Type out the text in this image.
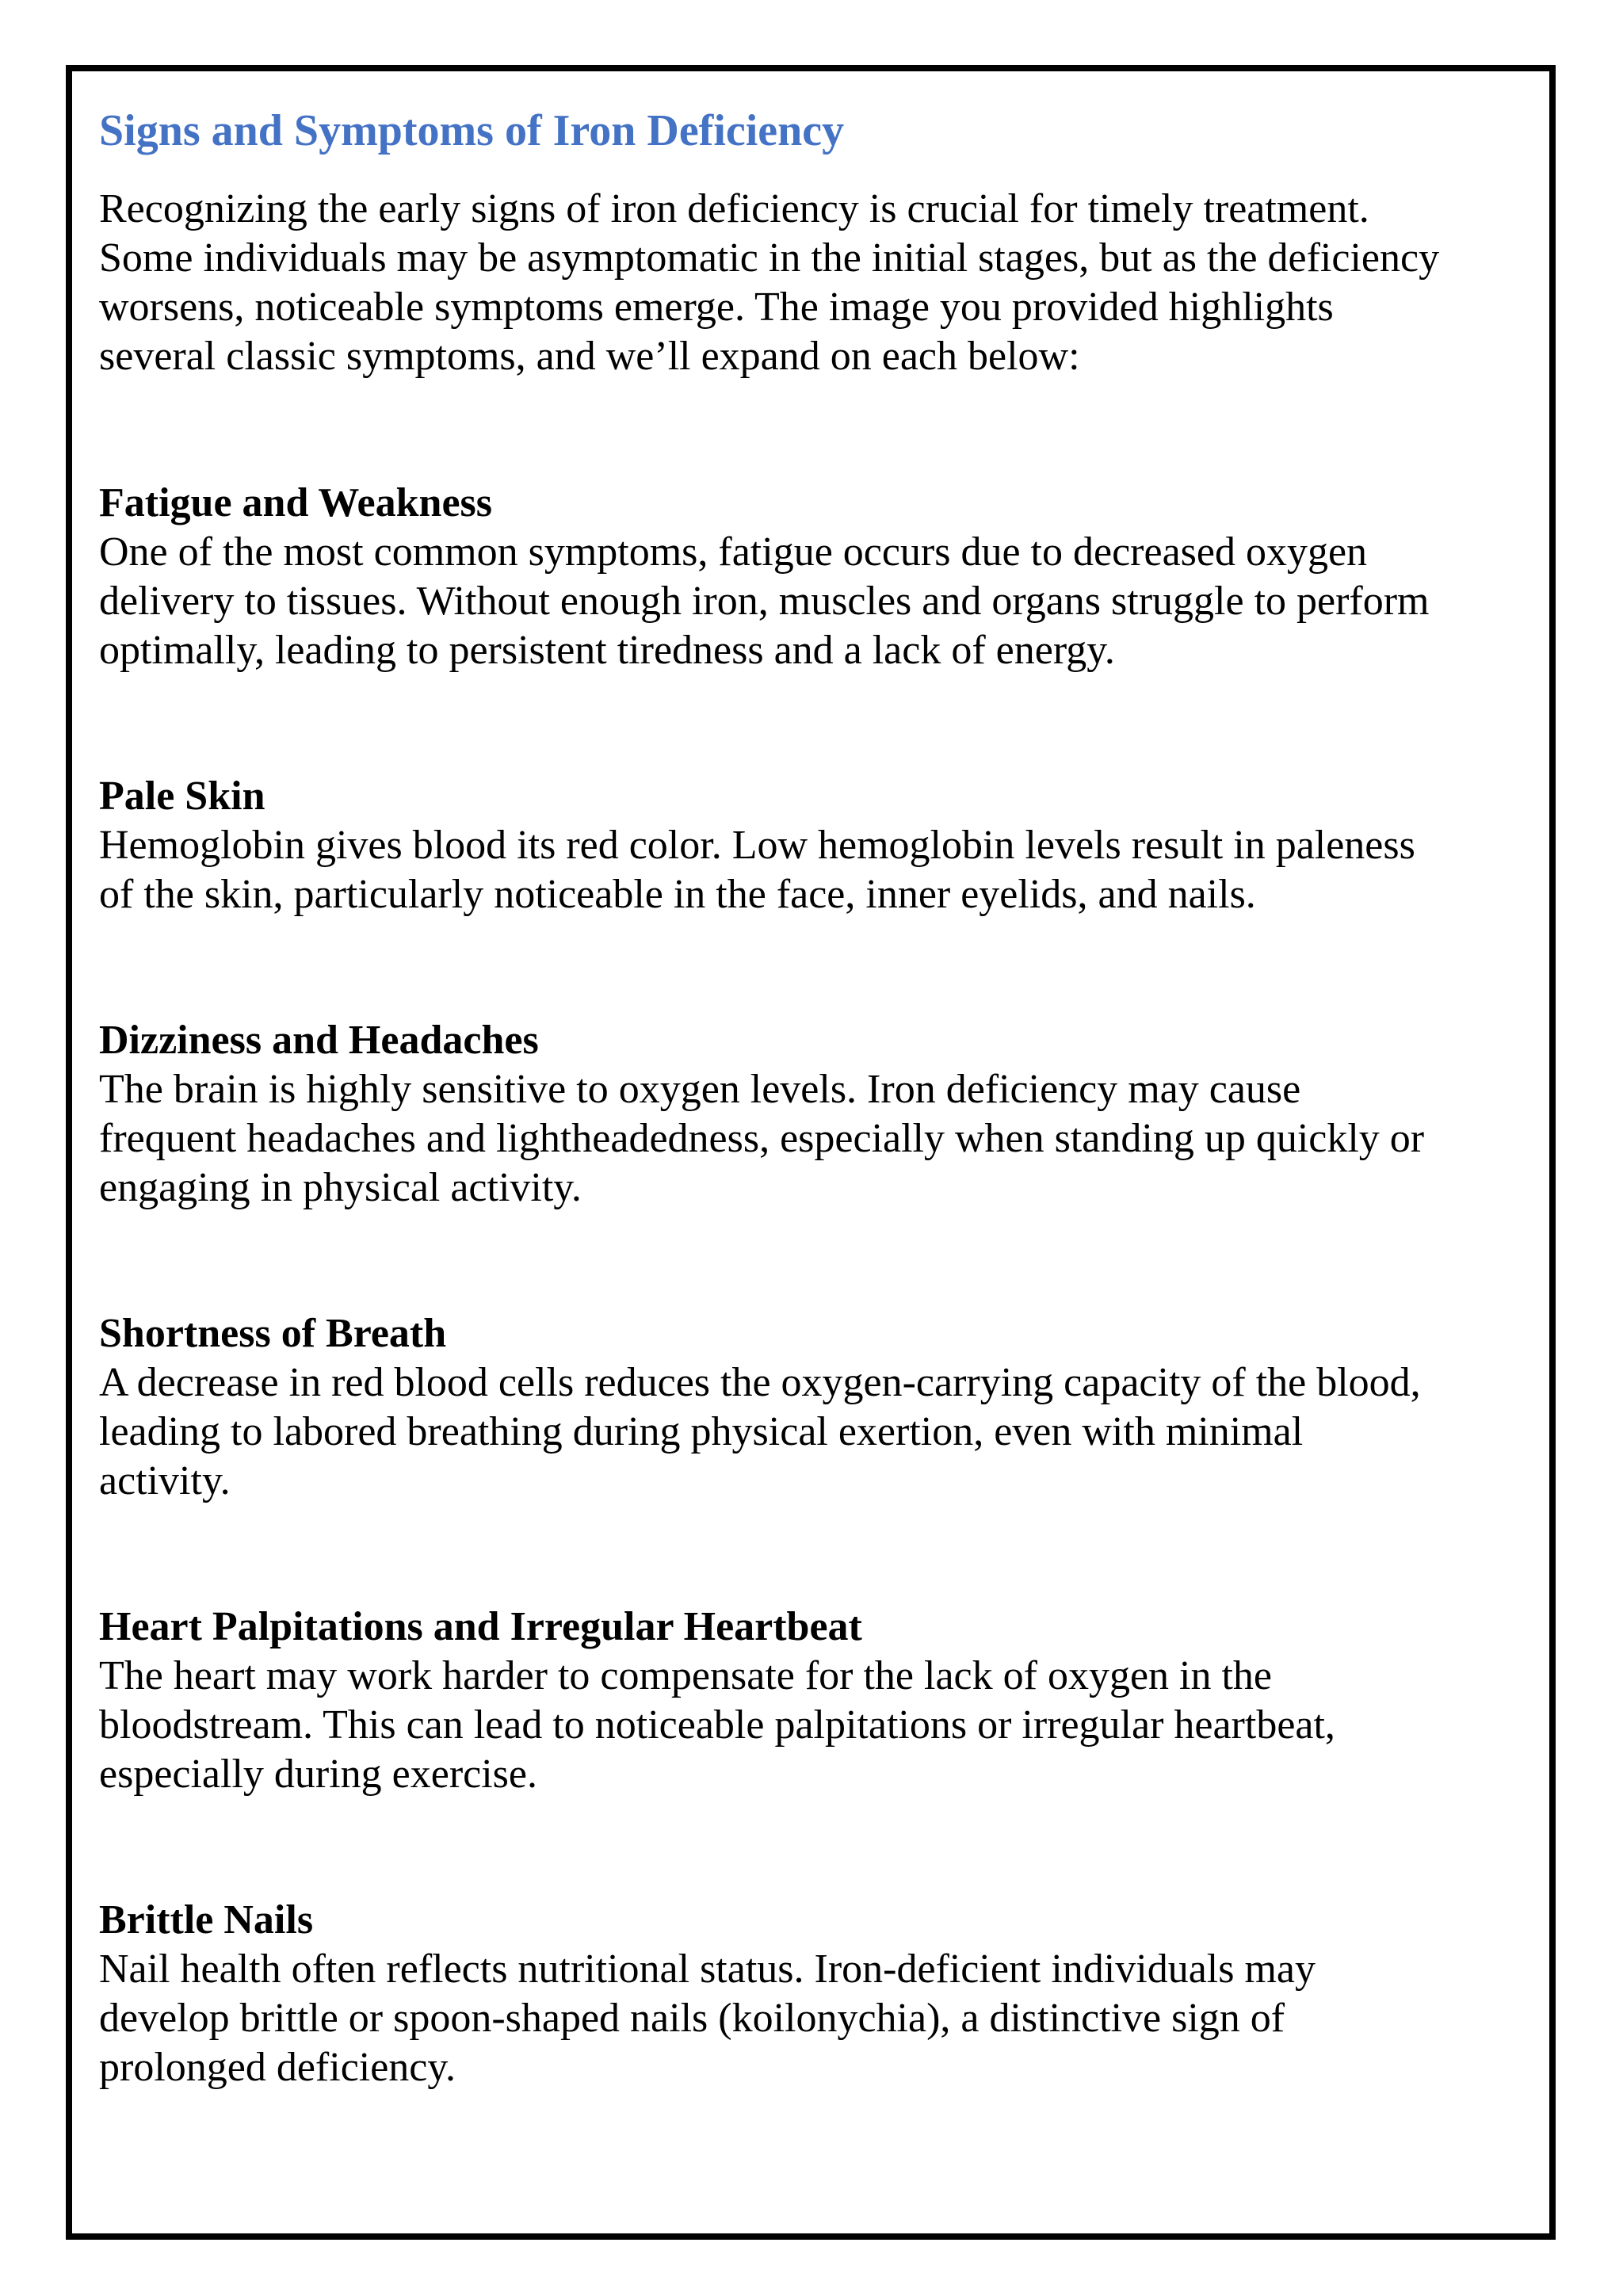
Signs and Symptoms of Iron Deficiency

Recognizing the early signs of iron deficiency is crucial for timely treatment.
Some individuals may be asymptomatic in the initial stages, but as the deficiency
worsens, noticeable symptoms emerge. The image you provided highlights
several classic symptoms, and we’ll expand on each below:

Fatigue and Weakness

One of the most common symptoms, fatigue occurs due to decreased oxygen
delivery to tissues. Without enough iron, muscles and organs struggle to perform
optimally, leading to persistent tiredness and a lack of energy.

Pale Skin

Hemoglobin gives blood its red color. Low hemoglobin levels result in paleness
of the skin, particularly noticeable in the face, inner eyelids, and nails.

Dizziness and Headaches

The brain is highly sensitive to oxygen levels. Iron deficiency may cause
frequent headaches and lightheadedness, especially when standing up quickly or
engaging in physical activity.

Shortness of Breath

A decrease in red blood cells reduces the oxygen-carrying capacity of the blood,
leading to labored breathing during physical exertion, even with minimal
activity.

Heart Palpitations and Irregular Heartbeat

The heart may work harder to compensate for the lack of oxygen in the
bloodstream. This can lead to noticeable palpitations or irregular heartbeat,
especially during exercise.

Brittle Nails

Nail health often reflects nutritional status. Iron-deficient individuals may
develop brittle or spoon-shaped nails (koilonychia), a distinctive sign of
prolonged deficiency.
